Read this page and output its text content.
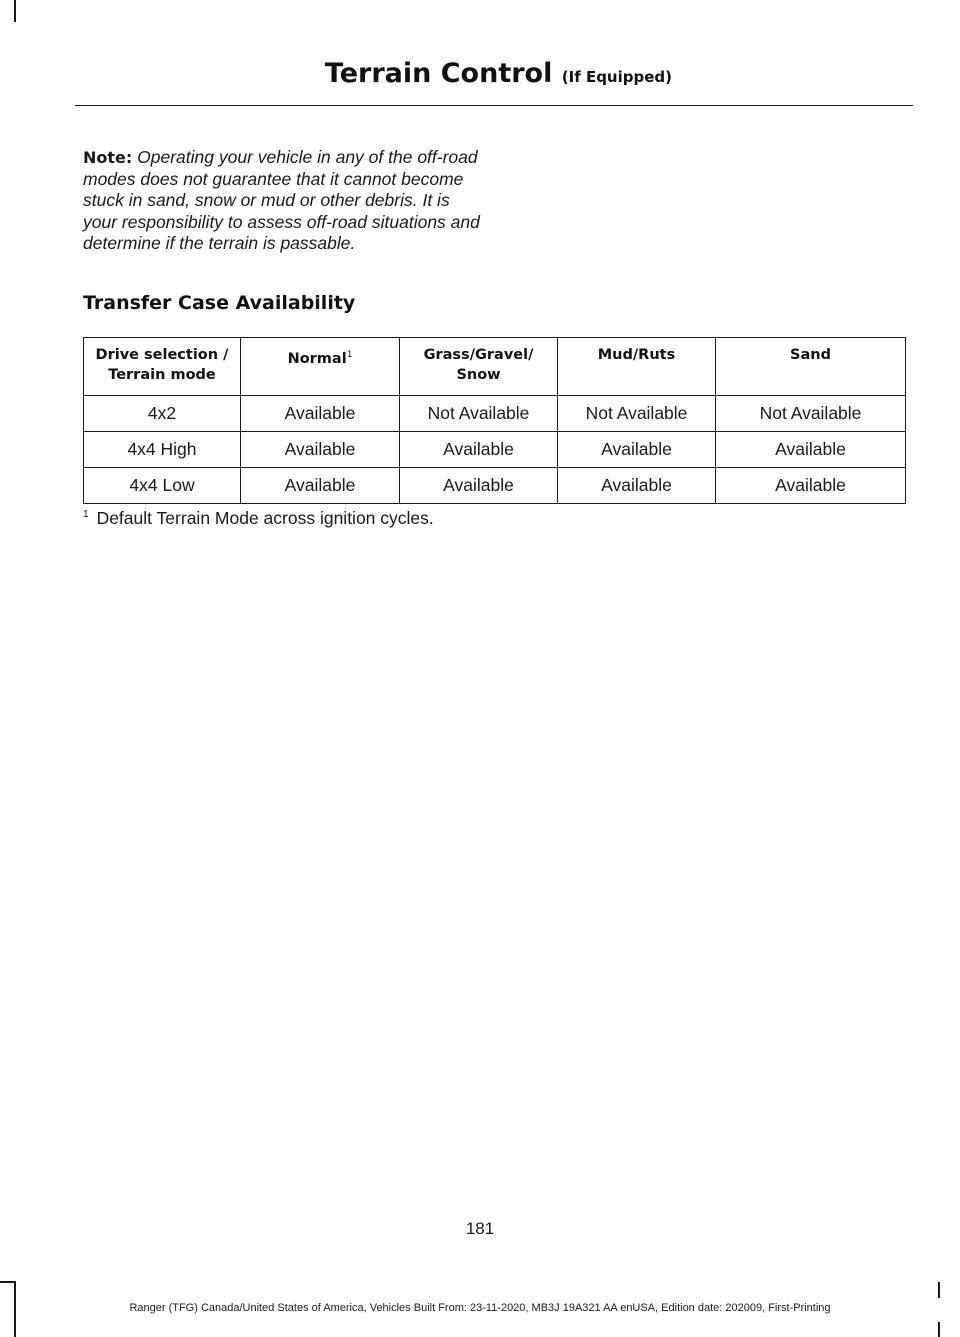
Terrain Control (If Equipped)
Note: Operating your vehicle in any of the off-road modes does not guarantee that it cannot become stuck in sand, snow or mud or other debris. It is your responsibility to assess off-road situations and determine if the terrain is passable.
Transfer Case Availability
Drive selection / Terrain mode	Normal$^1$	Grass/Gravel/ Snow	Mud/Ruts	Sand
4x2	Available	Not Available	Not Available	Not Available
4x4 High	Available	Available	Available	Available
4x4 Low	Available	Available	Available	Available
$^1$ Default Terrain Mode across ignition cycles.
181
Ranger (TFG) Canada/United States of America, Vehicles Built From: 23-11-2020, MB3J 19A321 AA enUSA, Edition date: 202009, First-Printing
